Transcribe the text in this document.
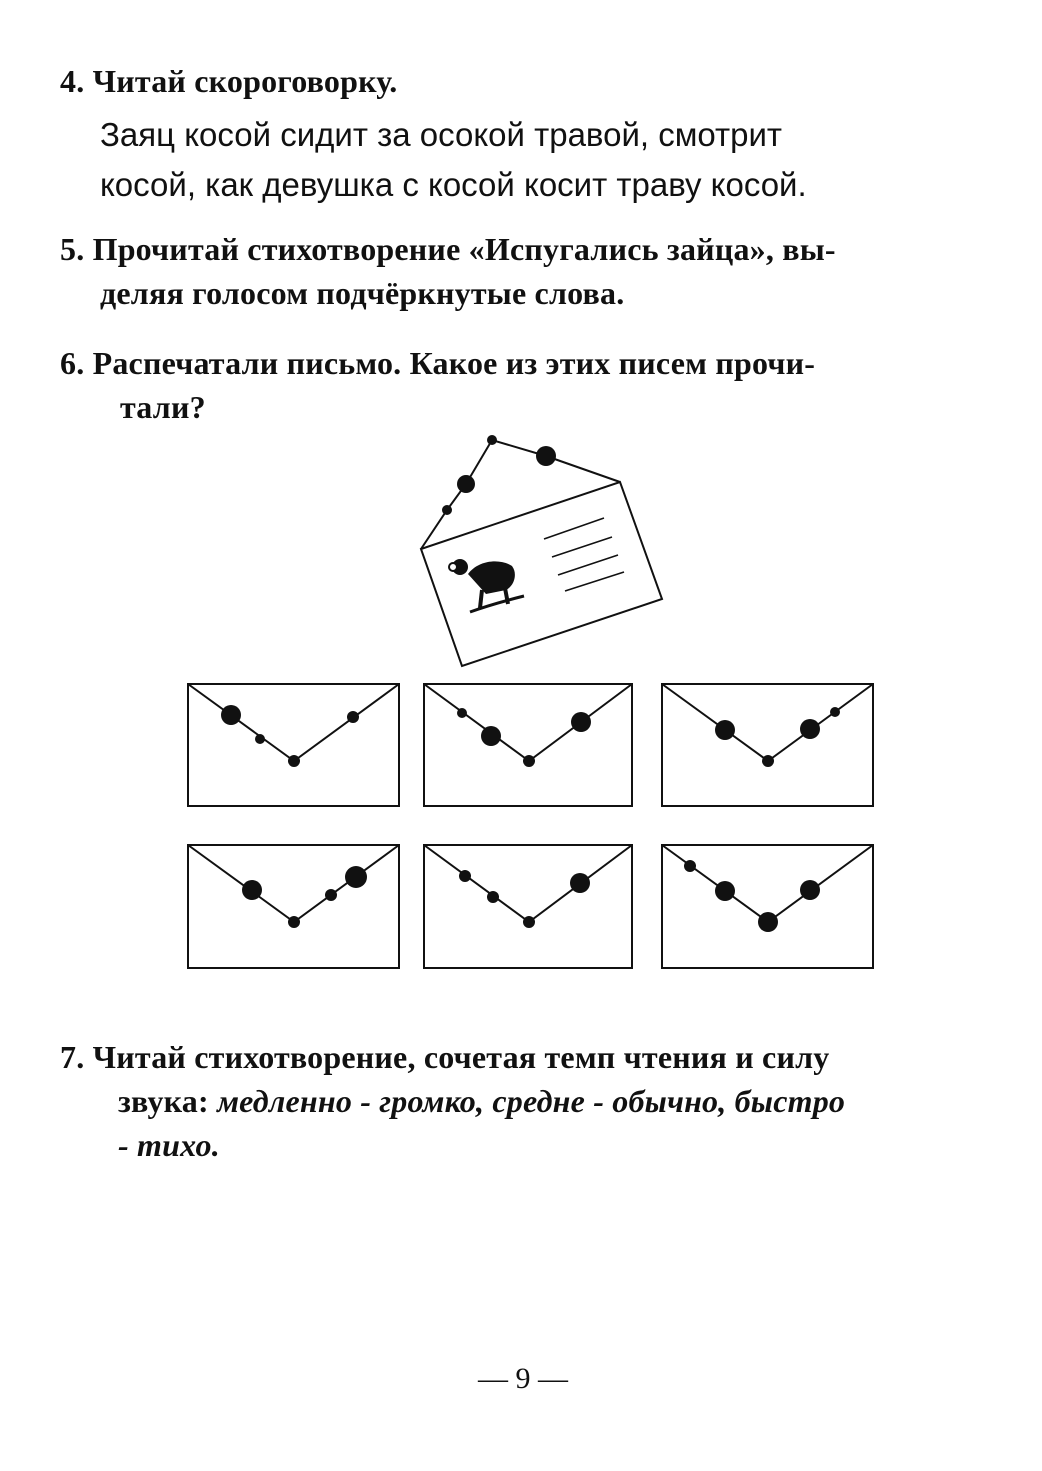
4. Читай скороговорку.
Заяц косой сидит за осокой травой, смотрит
косой, как девушка с косой косит траву косой.
5. Прочитай стихотворение «Испугались зайца», вы-
деляя голосом подчёркнутые слова.
6. Распечатали письмо. Какое из этих писем прочи-
тали?
7. Читай стихотворение, сочетая темп чтения и силу
звука: медленно - громко, средне - обычно, быстро
- тихо.
— 9 —
